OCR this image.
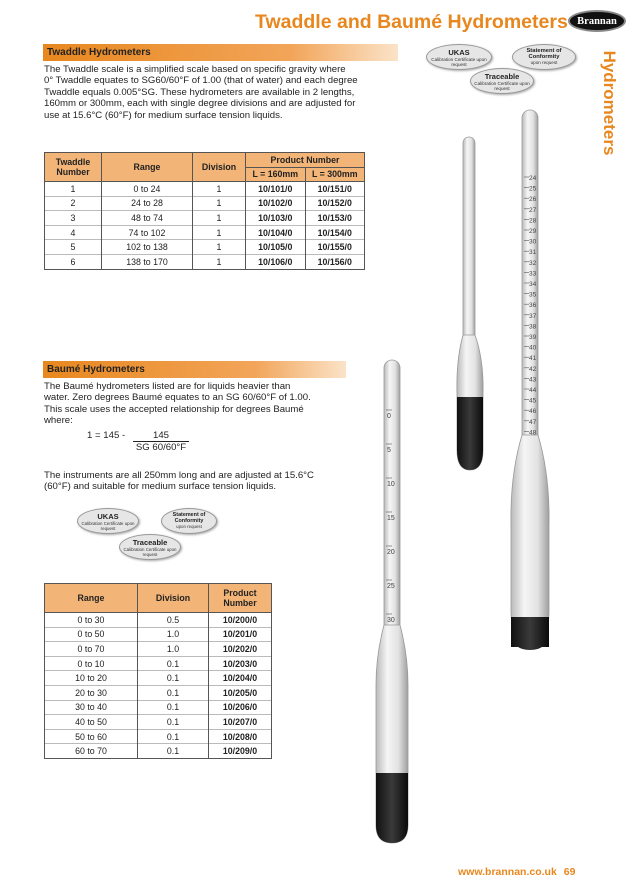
Twaddle and Baumé Hydrometers Brannan
Hydrometers
Twaddle Hydrometers
The Twaddle scale is a simplified scale based on specific gravity where
0° Twaddle equates to SG60/60°F of 1.00 (that of water) and each degree
Twaddle equals 0.005°SG. These hydrometers are available in 2 lengths,
160mm or 300mm, each with single degree divisions and are adjusted for
use at 15.6°C (60°F) for medium surface tension liquids.
Twaddle Number	Range	Division	Product Number	
			L = 160mm	L = 300mm
1	0 to 24	1	10/101/0	10/151/0
2	24 to 28	1	10/102/0	10/152/0
3	48 to 74	1	10/103/0	10/153/0
4	74 to 102	1	10/104/0	10/154/0
5	102 to 138	1	10/105/0	10/155/0
6	138 to 170	1	10/106/0	10/156/0
UKAS
Calibration Certificate upon request
Statement of Conformity
upon request
Traceable
Calibration Certificate upon request
Baumé Hydrometers
The Baumé hydrometers listed are for liquids heavier than
water. Zero degrees Baumé equates to an SG 60/60°F of 1.00.
This scale uses the accepted relationship for degrees Baumé
where:
1 = 145 -	145
SG 60/60°F
The instruments are all 250mm long and are adjusted at 15.6°C
(60°F) and suitable for medium surface tension liquids.
UKAS
Calibration Certificate upon request
Statement of Conformity
upon request
Traceable
Calibration Certificate upon request
Range	Division	Product Number
0 to 30	0.5	10/200/0
0 to 50	1.0	10/201/0
0 to 70	1.0	10/202/0
0 to 10	0.1	10/203/0
10 to 20	0.1	10/204/0
20 to 30	0.1	10/205/0
30 to 40	0.1	10/206/0
40 to 50	0.1	10/207/0
50 to 60	0.1	10/208/0
60 to 70	0.1	10/209/0
24
25
26
27
28
29
30
31
32
33
34
35
36
37
38
39
40
41
42
43
44
45
46
47
48
0
5
10
15
20
25
30
www.brannan.co.uk 69
